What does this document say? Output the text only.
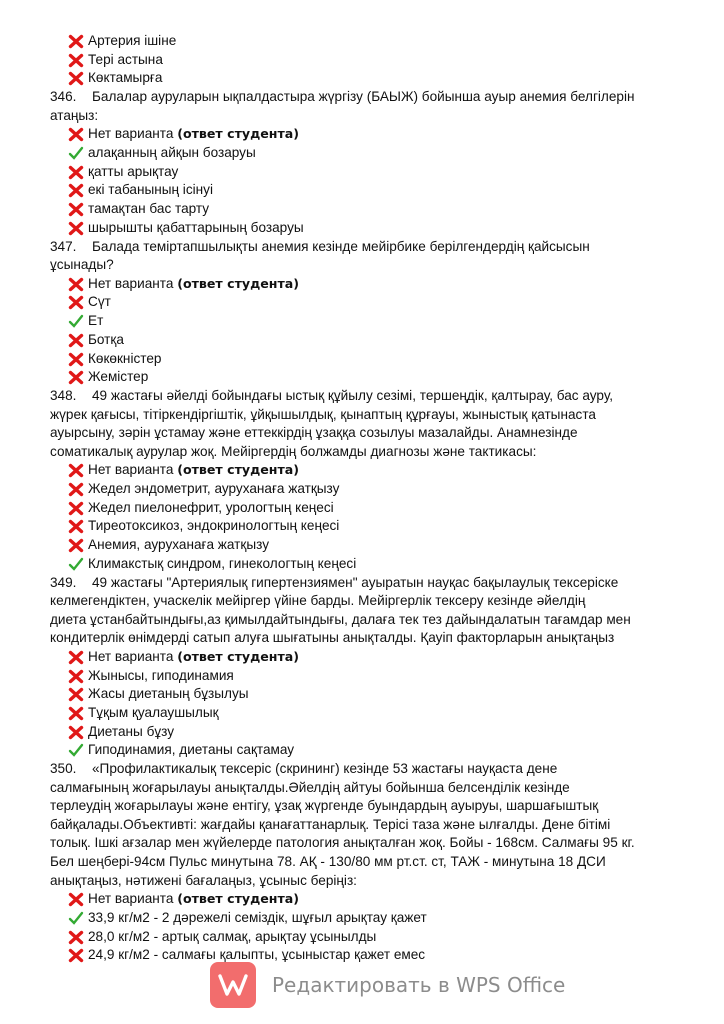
Артерия ішіне
Тері астына
Көктамырға
346. Балалар ауруларын ықпалдастыра жүргізу (БАЫЖ) бойынша ауыр анемия белгілерін
атаңыз:
Нет варианта (ответ студента)
алақанның айқын бозаруы
қатты арықтау
екі табанының ісінуі
тамақтан бас тарту
шырышты қабаттарының бозаруы
347. Балада теміртапшылықты анемия кезінде мейірбике берілгендердің қайсысын
ұсынады?
Нет варианта (ответ студента)
Сүт
Ет
Ботқа
Көкөкністер
Жемістер
348. 49 жастағы әйелді бойындағы ыстық құйылу сезімі, тершеңдік, қалтырау, бас ауру,
жүрек қағысы, тітіркендіргіштік, ұйқышылдық, қынаптың құрғауы, жыныстық қатынаста
ауырсыну, зәрін ұстамау және еттеккірдің ұзаққа созылуы мазалайды. Анамнезінде
соматикалық аурулар жоқ. Мейіргердің болжамды диагнозы және тактикасы:
Нет варианта (ответ студента)
Жедел эндометрит, ауруханаға жатқызу
Жедел пиелонефрит, урологтың кеңесі
Тиреотоксикоз, эндокринологтың кеңесі
Анемия, ауруханаға жатқызу
Климакстық синдром, гинекологтың кеңесі
349. 49 жастағы "Артериялық гипертензиямен" ауыратын науқас бақылаулық тексеріске
келмегендіктен, учаскелік мейіргер үйіне барды. Мейіргерлік тексеру кезінде әйелдің
диета ұстанбайтындығы,аз қимылдайтындығы, далаға тек тез дайындалатын тағамдар мен
кондитерлік өнімдерді сатып алуға шығатыны анықталды. Қауіп факторларын анықтаңыз
Нет варианта (ответ студента)
Жынысы, гиподинамия
Жасы диетаның бұзылуы
Тұқым қуалаушылық
Диетаны бұзу
Гиподинамия, диетаны сақтамау
350. «Профилактикалық тексеріс (скрининг) кезінде 53 жастағы науқаста дене
салмағының жоғарылауы анықталды.Әйелдің айтуы бойынша белсенділік кезінде
терлеудің жоғарылауы және ентігу, ұзақ жүргенде буындардың ауыруы, шаршағыштық
байқалады.Объективті: жағдайы қанағаттанарлық. Терісі таза және ылғалды. Дене бітімі
толық. Ішкі ағзалар мен жүйелерде патология анықталған жоқ. Бойы - 168см. Салмағы 95 кг.
Бел шеңбері-94см Пульс минутына 78. АҚ - 130/80 мм рт.ст. ст, ТАЖ - минутына 18 ДСИ
анықтаңыз, нәтижені бағалаңыз, ұсыныс беріңіз:
Нет варианта (ответ студента)
33,9 кг/м2 - 2 дәрежелі семіздік, шұғыл арықтау қажет
28,0 кг/м2 - артық салмақ, арықтау ұсынылды
24,9 кг/м2 - салмағы қалыпты, ұсыныстар қажет емес
Редактировать в WPS Office
